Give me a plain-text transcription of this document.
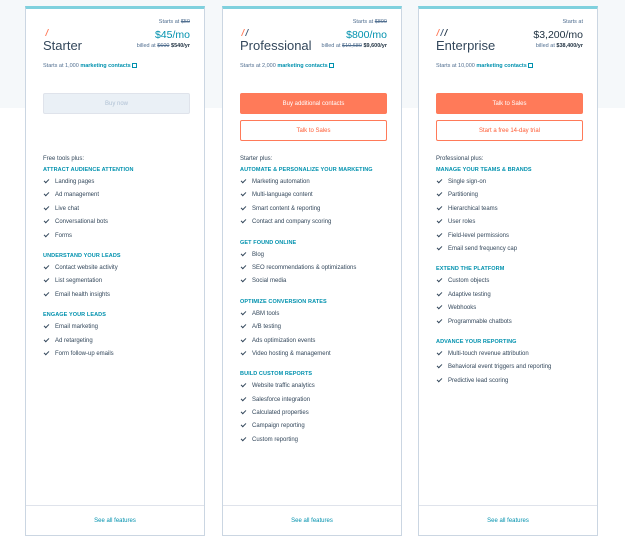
Starter
Starts at $50
$45/mo
billed at $600 $540/yr
Starts at 1,000 marketing contacts
Buy now
Free tools plus:
ATTRACT AUDIENCE ATTENTION
Landing pages
Ad management
Live chat
Conversational bots
Forms
UNDERSTAND YOUR LEADS
Contact website activity
List segmentation
Email health insights
ENGAGE YOUR LEADS
Email marketing
Ad retargeting
Form follow-up emails
See all features
Professional
Starts at $890
$800/mo
billed at $10,680 $9,600/yr
Starts at 2,000 marketing contacts
Buy additional contacts
Talk to Sales
Starter plus:
AUTOMATE & PERSONALIZE YOUR MARKETING
Marketing automation
Multi-language content
Smart content & reporting
Contact and company scoring
GET FOUND ONLINE
Blog
SEO recommendations & optimizations
Social media
OPTIMIZE CONVERSION RATES
ABM tools
A/B testing
Ads optimization events
Video hosting & management
BUILD CUSTOM REPORTS
Website traffic analytics
Salesforce integration
Calculated properties
Campaign reporting
Custom reporting
See all features
Enterprise
Starts at
$3,200/mo
billed at $38,400/yr
Starts at 10,000 marketing contacts
Talk to Sales
Start a free 14-day trial
Professional plus:
MANAGE YOUR TEAMS & BRANDS
Single sign-on
Partitioning
Hierarchical teams
User roles
Field-level permissions
Email send frequency cap
EXTEND THE PLATFORM
Custom objects
Adaptive testing
Webhooks
Programmable chatbots
ADVANCE YOUR REPORTING
Multi-touch revenue attribution
Behavioral event triggers and reporting
Predictive lead scoring
See all features
